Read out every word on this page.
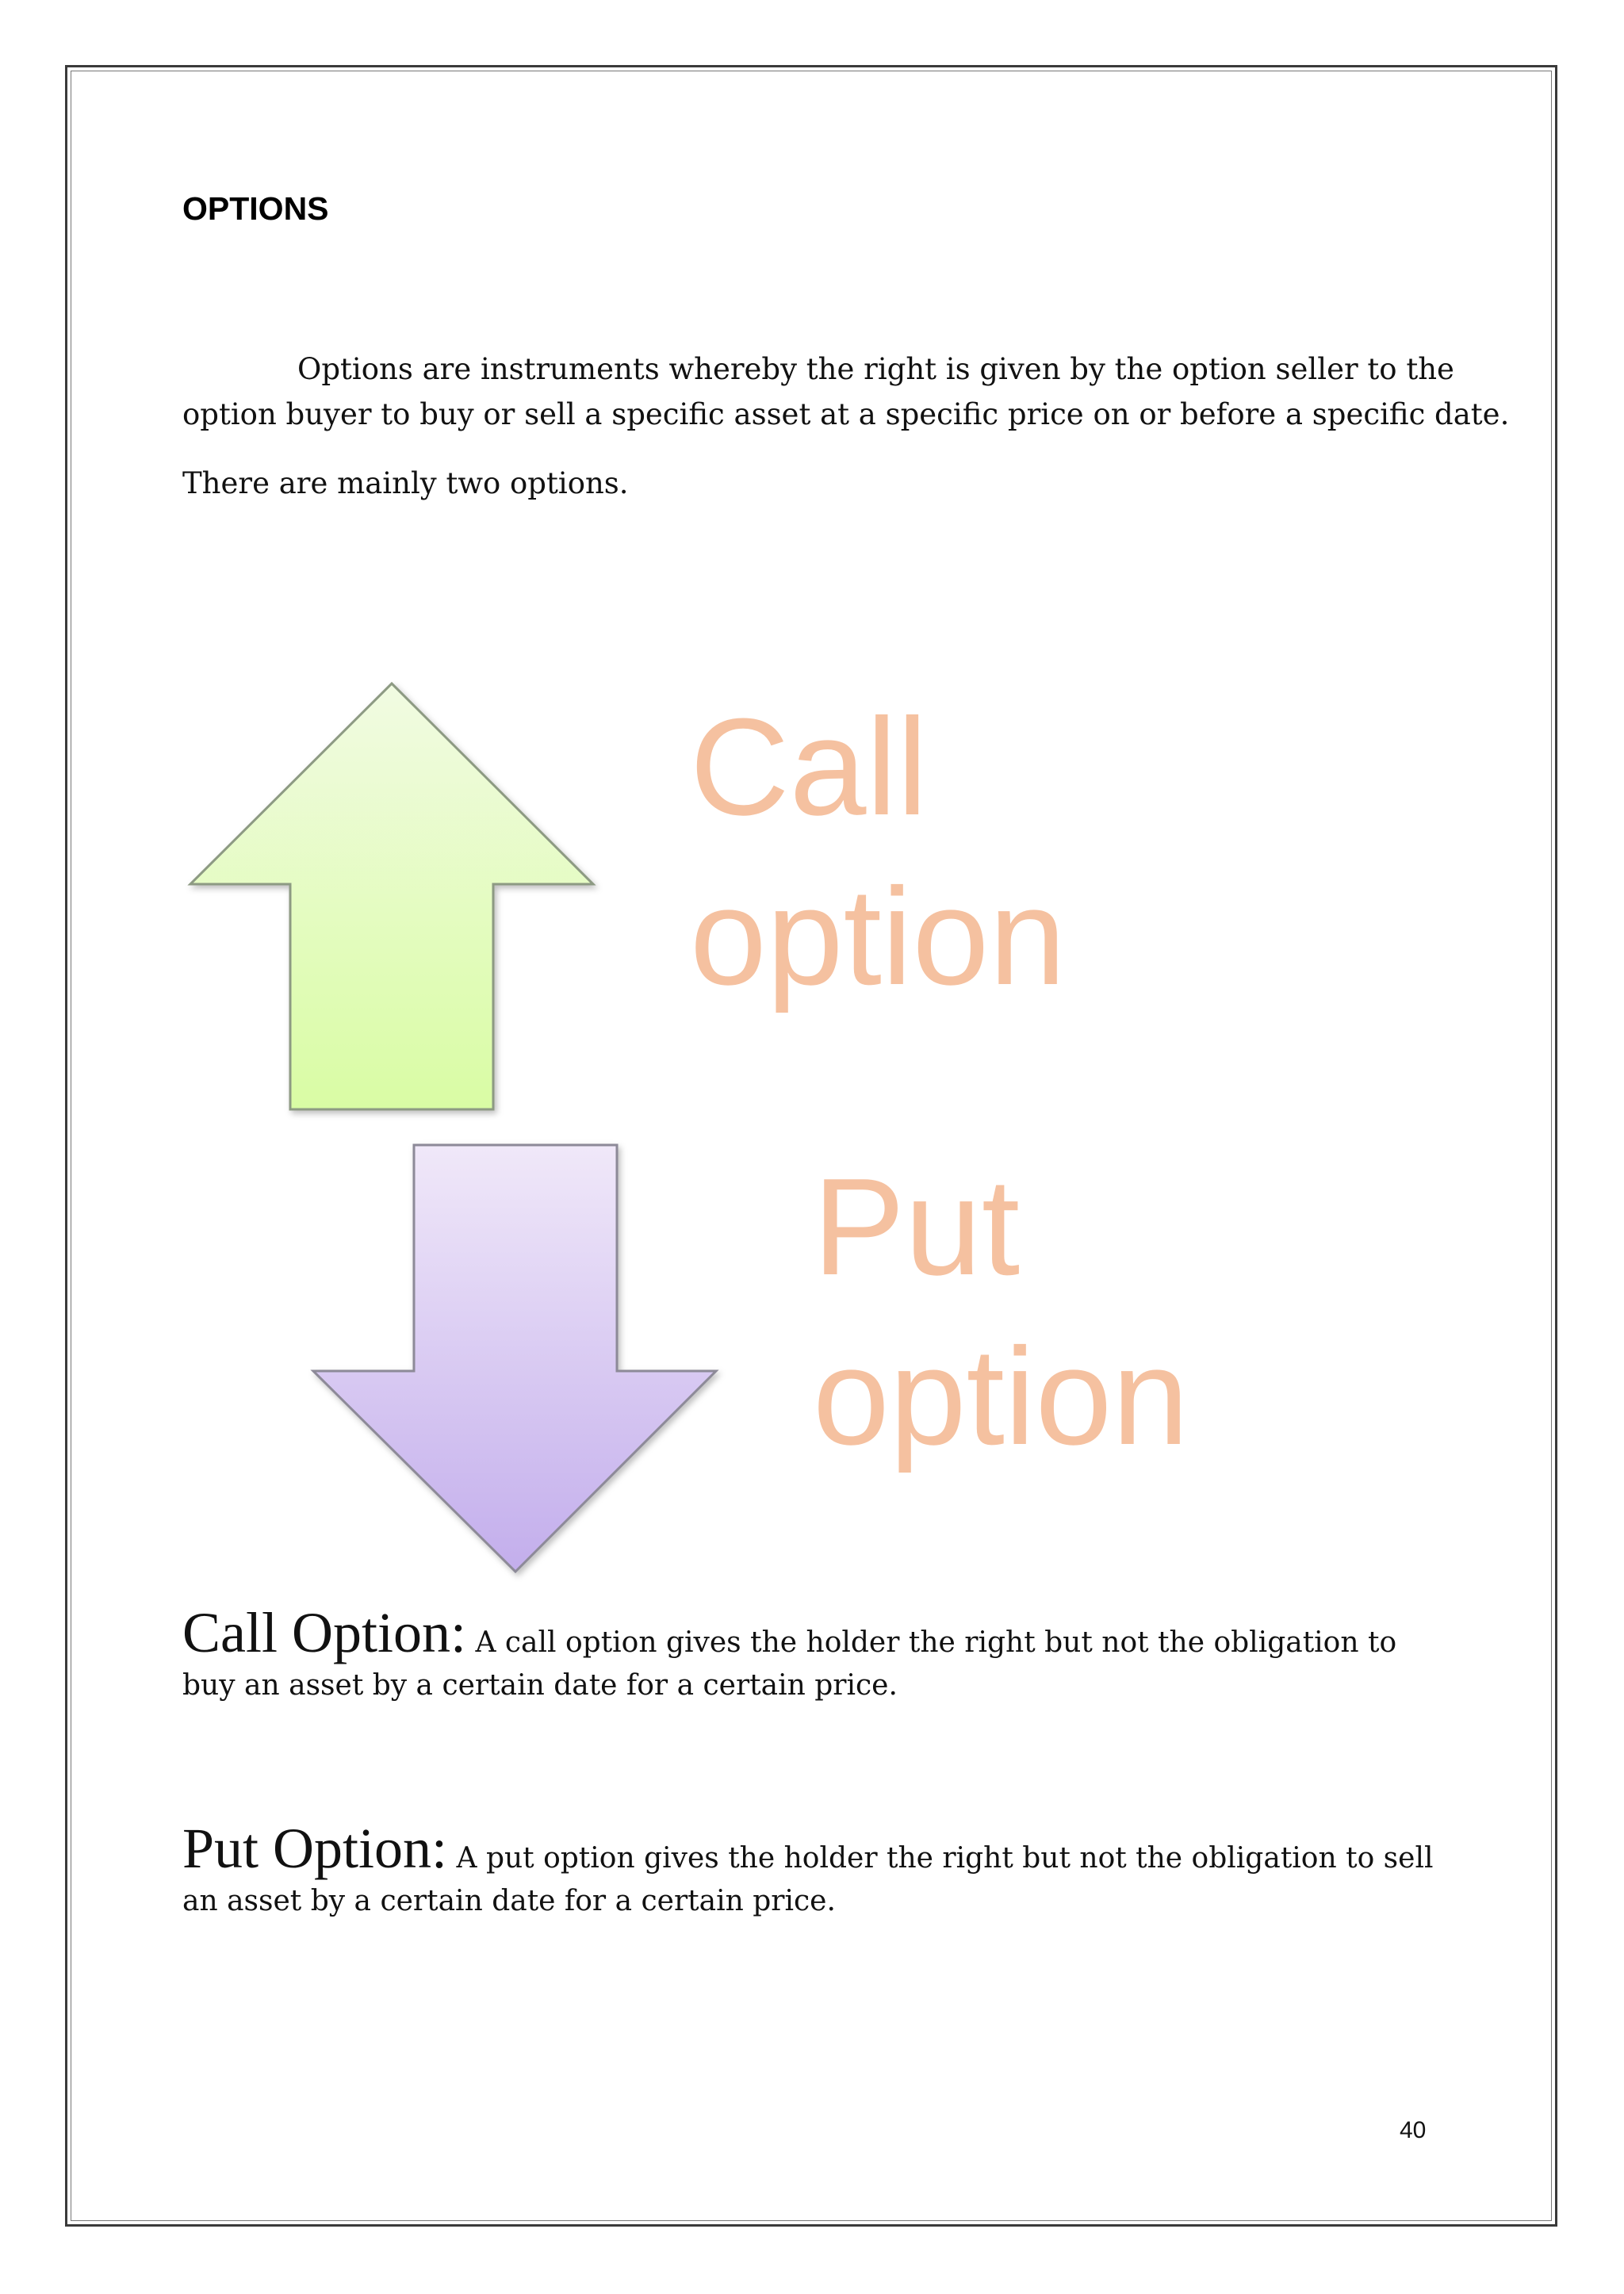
OPTIONS

Options are instruments whereby the right is given by the option seller to the
option buyer to buy or sell a specific asset at a specific price on or before a specific date.

There are mainly two options.

Call
option
Put
option

Call Option: A call option gives the holder the right but not the obligation to
buy an asset by a certain date for a certain price.

Put Option: A put option gives the holder the right but not the obligation to sell
an asset by a certain date for a certain price.

40
